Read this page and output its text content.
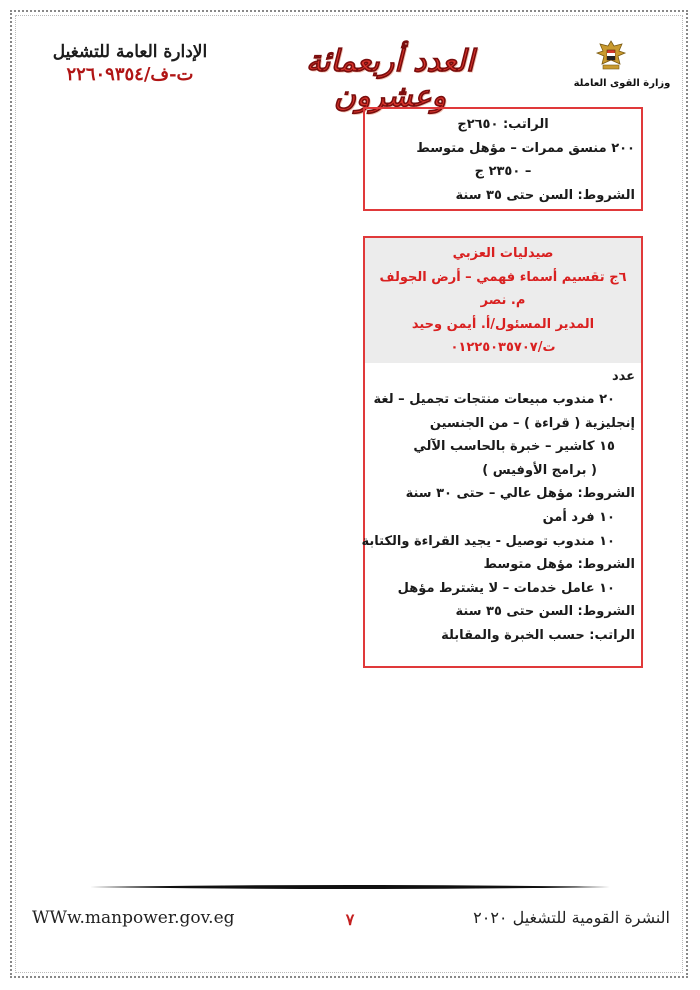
الإدارة العامة للتشغيل
ت-ف/٢٢٦٠٩٣٥٤	العدد أربعمائة وعشرون	وزارة القوى العاملة
الراتب: ٢٦٥٠ج
٢٠٠ منسق ممرات – مؤهل متوسط
– ٢٣٥٠ ج
الشروط: السن حتى ٣٥ سنة
صيدليات العزبي
٦ج تقسيم أسماء فهمي – أرض الجولف
م. نصر
المدير المسئول/أ. أيمن وحيد
ت/٠١٢٢٥٠٣٥٧٠٧
عدد
٢٠ مندوب مبيعات منتجات تجميل – لغة
إنجليزية ( قراءة ) – من الجنسين
١٥ كاشير – خبرة بالحاسب الآلي
( برامج الأوفيس )
الشروط: مؤهل عالي – حتى ٣٠ سنة
١٠ فرد أمن
١٠ مندوب توصيل - يجيد القراءة والكتابة
الشروط: مؤهل متوسط
١٠ عامل خدمات – لا يشترط مؤهل
الشروط: السن حتى ٣٥ سنة
الراتب: حسب الخبرة والمقابلة
WWw.manpower.gov.eg	٧	النشرة القومية للتشغيل ٢٠٢٠
